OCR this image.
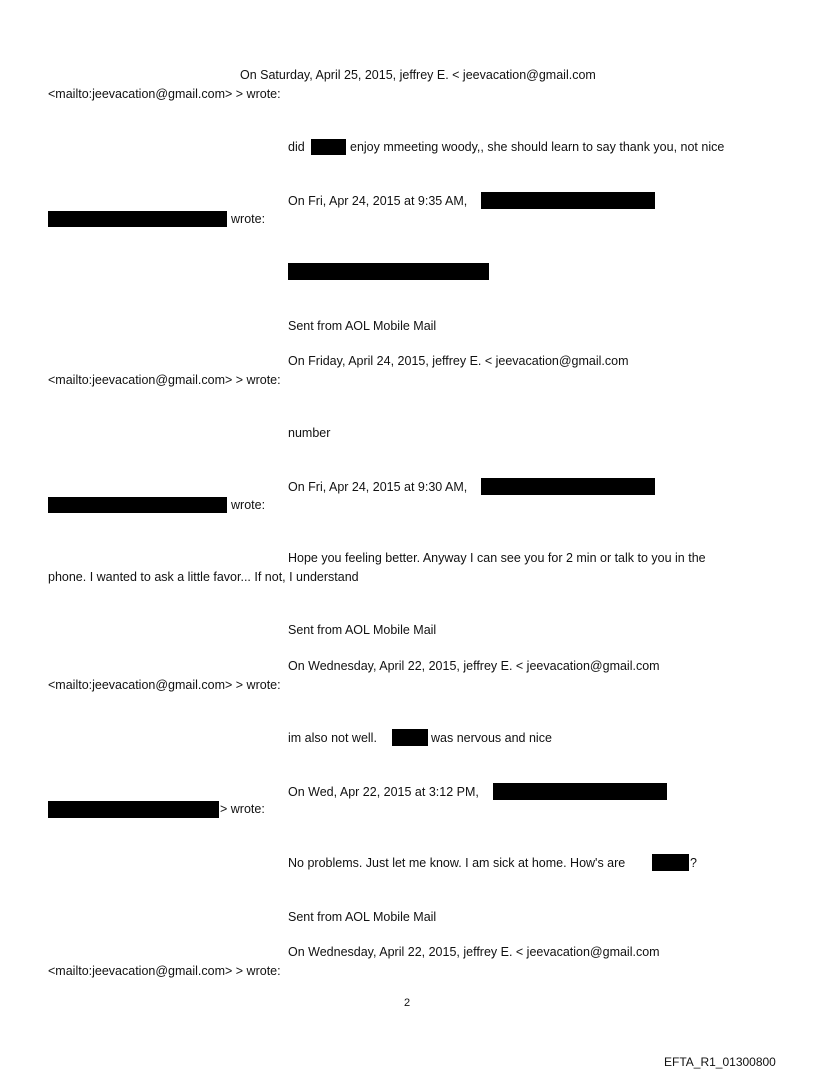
On Saturday, April 25, 2015, jeffrey E. < jeevacation@gmail.com
<mailto:jeevacation@gmail.com> > wrote:
did	enjoy mmeeting woody,, she should learn to say thank you, not nice
On Fri, Apr 24, 2015 at 9:35 AM,
wrote:
Sent from AOL Mobile Mail
On Friday, April 24, 2015, jeffrey E. < jeevacation@gmail.com
<mailto:jeevacation@gmail.com> > wrote:
number
On Fri, Apr 24, 2015 at 9:30 AM,
wrote:
Hope you feeling better. Anyway I can see you for 2 min or talk to you in the
phone. I wanted to ask a little favor... If not, I understand
Sent from AOL Mobile Mail
On Wednesday, April 22, 2015, jeffrey E. < jeevacation@gmail.com
<mailto:jeevacation@gmail.com> > wrote:
im also not well.	was nervous and nice
On Wed, Apr 22, 2015 at 3:12 PM,
> wrote:
No problems. Just let me know. I am sick at home. How's are	?
Sent from AOL Mobile Mail
On Wednesday, April 22, 2015, jeffrey E. < jeevacation@gmail.com
<mailto:jeevacation@gmail.com> > wrote:
2
EFTA_R1_01300800
